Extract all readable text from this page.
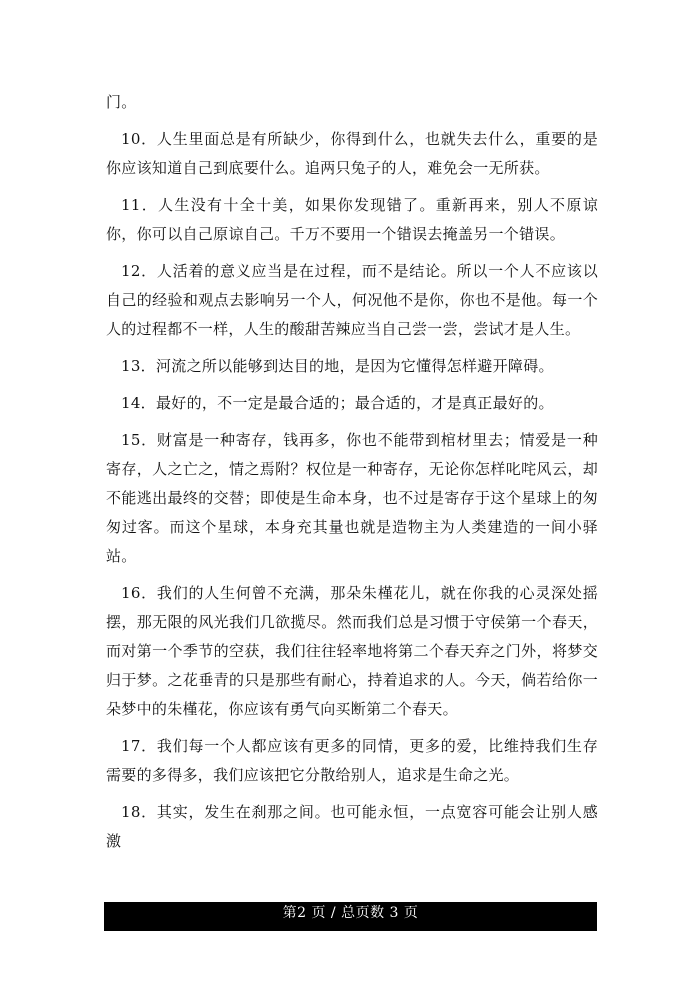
门。

10．人生里面总是有所缺少，你得到什么，也就失去什么，重要的是你应该知道自己到底要什么。追两只兔子的人，难免会一无所获。

11．人生没有十全十美，如果你发现错了。重新再来，别人不原谅你，你可以自己原谅自己。千万不要用一个错误去掩盖另一个错误。

12．人活着的意义应当是在过程，而不是结论。所以一个人不应该以自己的经验和观点去影响另一个人，何况他不是你，你也不是他。每一个人的过程都不一样，人生的酸甜苦辣应当自己尝一尝，尝试才是人生。

13．河流之所以能够到达目的地，是因为它懂得怎样避开障碍。

14．最好的，不一定是最合适的；最合适的，才是真正最好的。

15．财富是一种寄存，钱再多，你也不能带到棺材里去；情爱是一种寄存，人之亡之，情之焉附？权位是一种寄存，无论你怎样叱咤风云，却不能逃出最终的交替；即使是生命本身，也不过是寄存于这个星球上的匆匆过客。而这个星球，本身充其量也就是造物主为人类建造的一间小驿站。

16．我们的人生何曾不充满，那朵朱槿花儿，就在你我的心灵深处摇摆，那无限的风光我们几欲揽尽。然而我们总是习惯于守侯第一个春天，而对第一个季节的空获，我们往往轻率地将第二个春天弃之门外，将梦交归于梦。之花垂青的只是那些有耐心，持着追求的人。今天，倘若给你一朵梦中的朱槿花，你应该有勇气向买断第二个春天。

17．我们每一个人都应该有更多的同情，更多的爱，比维持我们生存需要的多得多，我们应该把它分散给别人，追求是生命之光。

18．其实，发生在刹那之间。也可能永恒，一点宽容可能会让别人感激

第2 页 / 总页数 3 页
